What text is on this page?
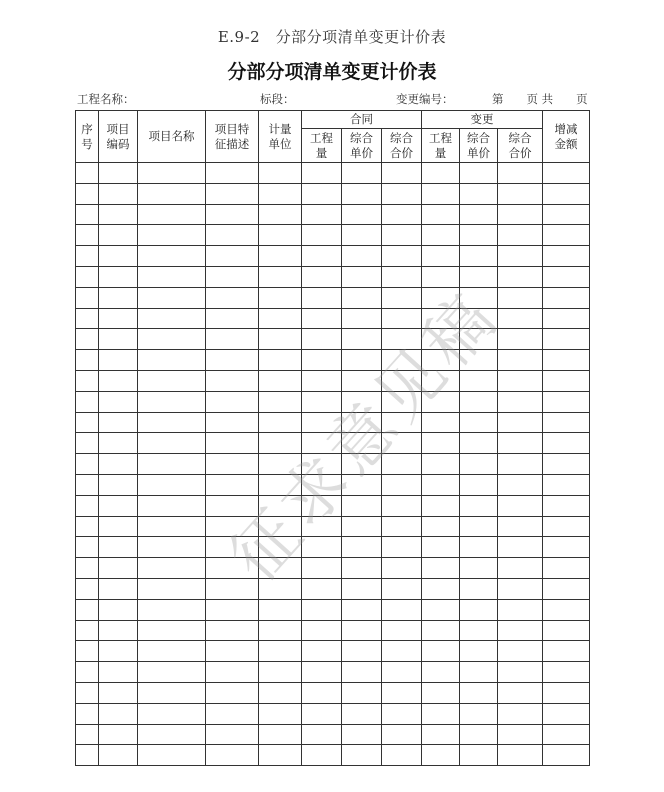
E.9-2　分部分项清单变更计价表
分部分项清单变更计价表
工程名称：	标段：	变更编号：	第　　页 共　　页
序号	项目编码	项目名称	项目特征描述	计量单位	合同			变更			增减金额

					工程量	综合单价	综合合价	工程量	综合单价	综合合价	

征求意见稿
